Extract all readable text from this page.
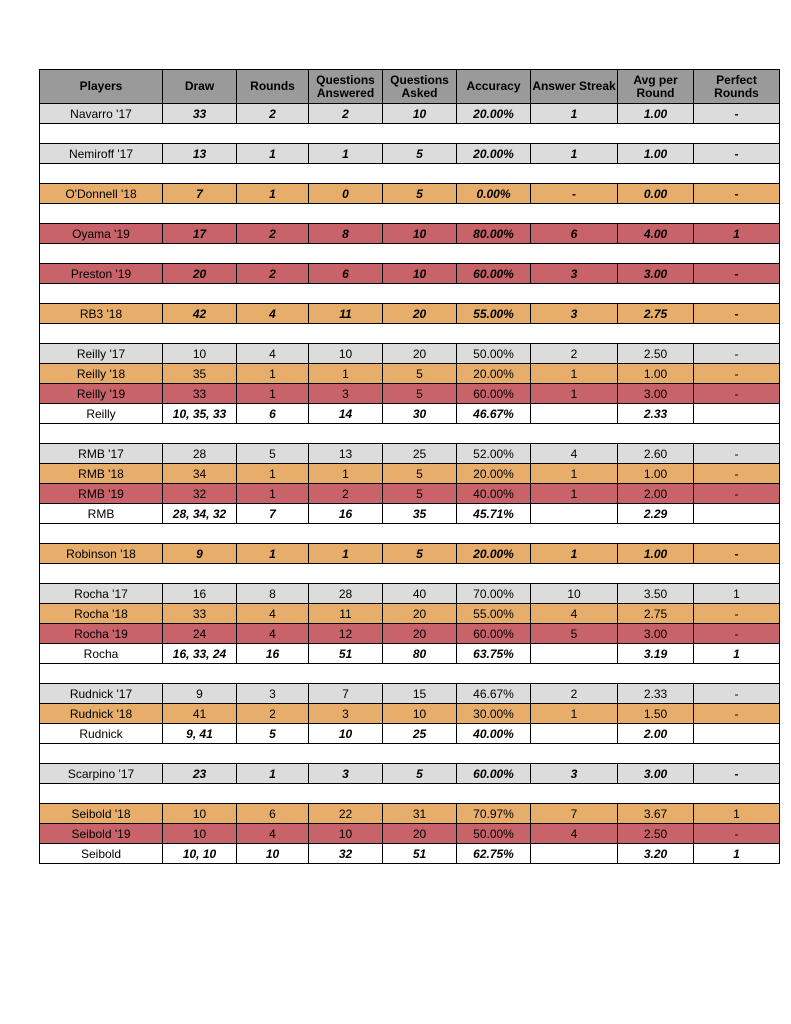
Players	Draw	Rounds	Questions Answered	Questions Asked	Accuracy	Answer Streak	Avg per Round	Perfect Rounds
Navarro '17	33	2	2	10	20.00%	1	1.00	-

Nemiroff '17	13	1	1	5	20.00%	1	1.00	-

O'Donnell '18	7	1	0	5	0.00%	-	0.00	-

Oyama '19	17	2	8	10	80.00%	6	4.00	1

Preston '19	20	2	6	10	60.00%	3	3.00	-

RB3 '18	42	4	11	20	55.00%	3	2.75	-

Reilly '17	10	4	10	20	50.00%	2	2.50	-
Reilly '18	35	1	1	5	20.00%	1	1.00	-
Reilly '19	33	1	3	5	60.00%	1	3.00	-
Reilly	10, 35, 33	6	14	30	46.67%		2.33	

RMB '17	28	5	13	25	52.00%	4	2.60	-
RMB '18	34	1	1	5	20.00%	1	1.00	-
RMB '19	32	1	2	5	40.00%	1	2.00	-
RMB	28, 34, 32	7	16	35	45.71%		2.29	

Robinson '18	9	1	1	5	20.00%	1	1.00	-

Rocha '17	16	8	28	40	70.00%	10	3.50	1
Rocha '18	33	4	11	20	55.00%	4	2.75	-
Rocha '19	24	4	12	20	60.00%	5	3.00	-
Rocha	16, 33, 24	16	51	80	63.75%		3.19	1

Rudnick '17	9	3	7	15	46.67%	2	2.33	-
Rudnick '18	41	2	3	10	30.00%	1	1.50	-
Rudnick	9, 41	5	10	25	40.00%		2.00	

Scarpino '17	23	1	3	5	60.00%	3	3.00	-

Seibold '18	10	6	22	31	70.97%	7	3.67	1
Seibold '19	10	4	10	20	50.00%	4	2.50	-
Seibold	10, 10	10	32	51	62.75%		3.20	1
